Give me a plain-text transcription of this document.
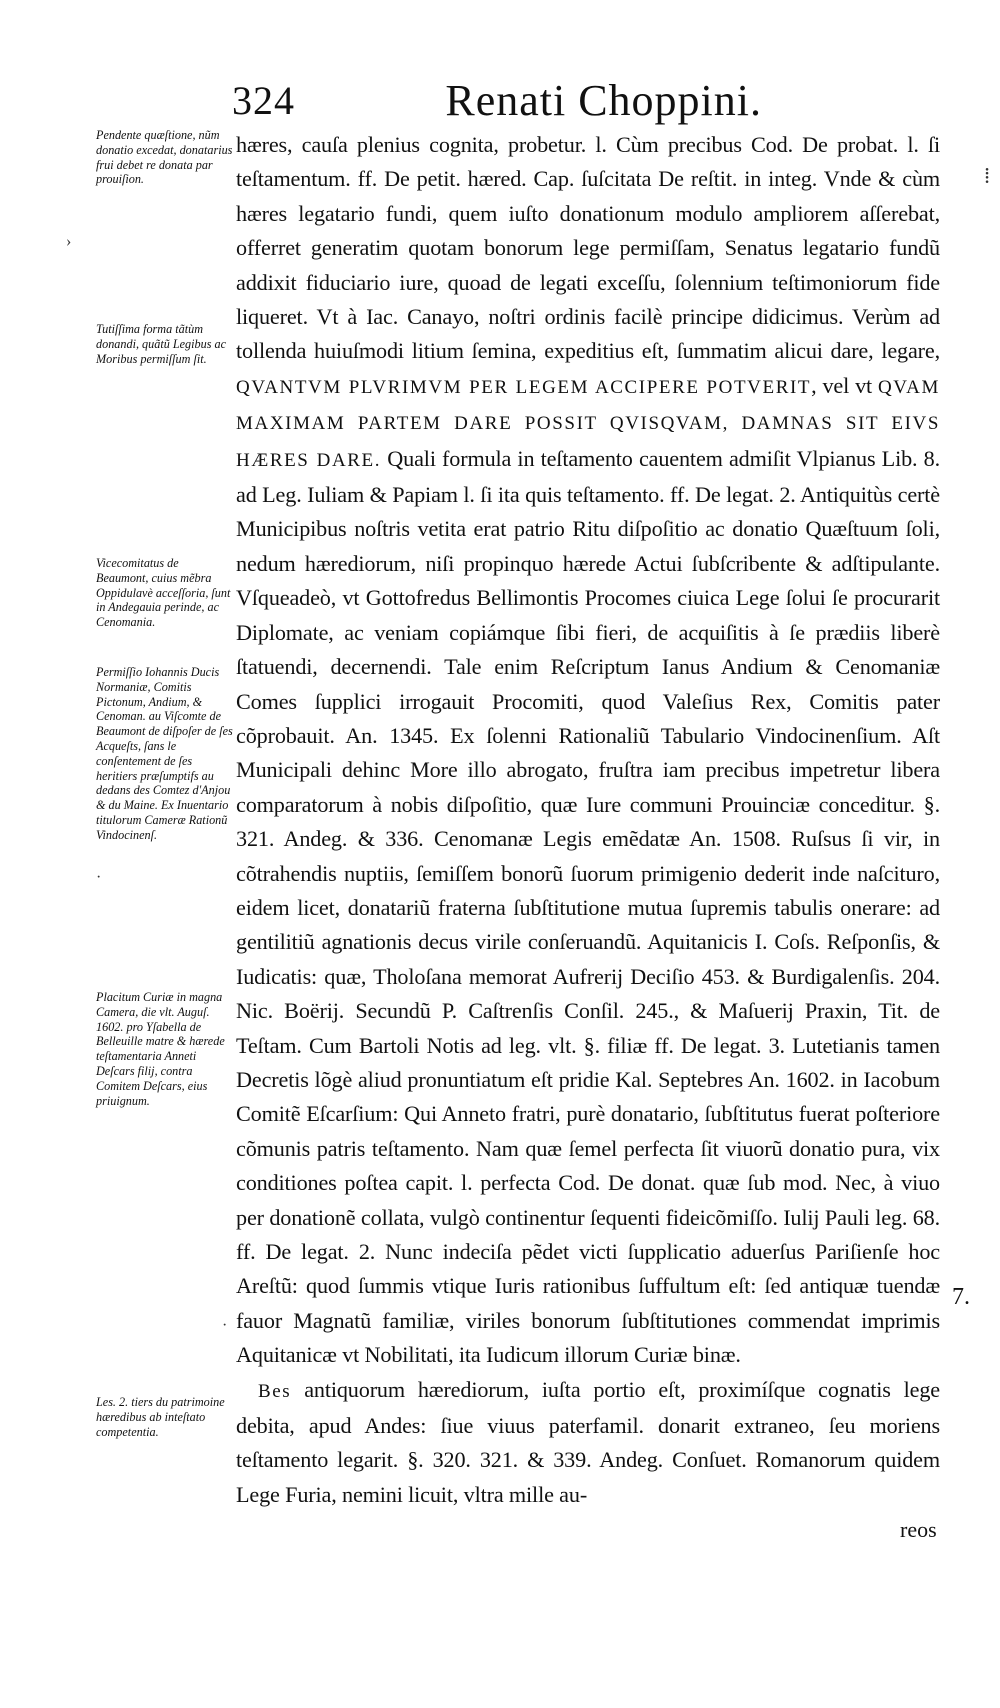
324	Renati Choppini.
Pendente quæſtione, nũm donatio excedat, donatarius frui debet re donata par prouiſion.
Tutiſſima forma tãtùm donandi, quãtũ Legibus ac Moribus permiſſum ſit.
Vicecomitatus de Beaumont, cuius mẽbra Oppidulavè acceſſoria, ſunt in Andegauia perinde, ac Cenomania.
Permiſſio Iohannis Ducis Normaniæ, Comitis Pictonum, Andium, & Cenoman. au Viſcomte de Beaumont de diſpoſer de ſes Acqueſts, ſans le conſentement de ſes heritiers præſumptifs au dedans des Comtez d'Anjou & du Maine. Ex Inuentario titulorum Cameræ Rationũ Vindocinenſ.
Placitum Curiæ in magna Camera, die vlt. Auguſ. 1602. pro Yſabella de Belleuille matre & hærede teſtamentaria Anneti Deſcars filij, contra Comitem Deſcars, eius priuignum.
Les. 2. tiers du patrimoine hæredibus ab inteſtato competentia.

hæres, cauſa plenius cognita, probetur. l. Cùm precibus Cod. De probat. l. ſi teſtamentum. ff. De petit. hæred. Cap. ſuſcitata De reſtit. in integ. Vnde & cùm hæres legatario fundi, quem iuſto donationum modulo ampliorem aſſerebat, offerret generatim quotam bonorum lege permiſſam, Senatus legatario fundũ addixit fiduciario iure, quoad de legati exceſſu, ſolennium teſtimoniorum fide liqueret. Vt à Iac. Canayo, noſtri ordinis facilè principe didicimus. Verùm ad tollenda huiuſmodi litium ſemina, expeditius eſt, ſummatim alicui dare, legare, QVANTVM PLVRIMVM PER LEGEM ACCIPERE POTVERIT, vel vt QVAM MAXIMAM PARTEM DARE POSSIT QVISQVAM, DAMNAS SIT EIVS HÆRES DARE. Quali formula in teſtamento cauentem admiſit Vlpianus Lib. 8. ad Leg. Iuliam & Papiam l. ſi ita quis teſtamento. ff. De legat. 2. Antiquitùs certè Municipibus noſtris vetita erat patrio Ritu diſpoſitio ac donatio Quæſtuum ſoli, nedum hærediorum, niſi propinquo hærede Actui ſubſcribente & adſtipulante. Vſqueadeò, vt Gottofredus Bellimontis Procomes ciuica Lege ſolui ſe procurarit Diplomate, ac veniam copiámque ſibi fieri, de acquiſitis à ſe prædiis liberè ſtatuendi, decernendi. Tale enim Reſcriptum Ianus Andium & Cenomaniæ Comes ſupplici irrogauit Procomiti, quod Valeſius Rex, Comitis pater cõprobauit. An. 1345. Ex ſolenni Rationaliũ Tabulario Vindocinenſium. Aſt Municipali dehinc More illo abrogato, fruſtra iam precibus impetretur libera comparatorum à nobis diſpoſitio, quæ Iure communi Prouinciæ conceditur. §. 321. Andeg. & 336. Cenomanæ Legis emẽdatæ An. 1508. Ruſsus ſi vir, in cõtrahendis nuptiis, ſemiſſem bonorũ ſuorum primigenio dederit inde naſcituro, eidem licet, donatariũ fraterna ſubſtitutione mutua ſupremis tabulis onerare: ad gentilitiũ agnationis decus virile conſeruandũ. Aquitanicis I. Coſs. Reſponſis, & Iudicatis: quæ, Tholoſana memorat Aufrerij Deciſio 453. & Burdigalenſis. 204. Nic. Boërij. Secundũ P. Caſtrenſis Conſil. 245., & Maſuerij Praxin, Tit. de Teſtam. Cum Bartoli Notis ad leg. vlt. §. filiæ ff. De legat. 3. Lutetianis tamen Decretis lõgè aliud pronuntiatum eſt pridie Kal. Septebres An. 1602. in Iacobum Comitẽ Eſcarſium: Qui Anneto fratri, purè donatario, ſubſtitutus fuerat poſteriore cõmunis patris teſtamento. Nam quæ ſemel perfecta ſit viuorũ donatio pura, vix conditiones poſtea capit. l. perfecta Cod. De donat. quæ ſub mod. Nec, à viuo per donationẽ collata, vulgò continentur ſequenti fideicõmiſſo. Iulij Pauli leg. 68. ff. De legat. 2. Nunc indeciſa pẽdet victi ſupplicatio aduerſus Pariſienſe hoc Areſtũ: quod ſummis vtique Iuris rationibus ſuffultum eſt: ſed antiquæ tuendæ fauor Magnatũ familiæ, viriles bonorum ſubſtitutiones commendat imprimis Aquitanicæ vt Nobilitati, ita Iudicum illorum Curiæ binæ.

Bes antiquorum hærediorum, iuſta portio eſt, proximíſque cognatis lege debita, apud Andes: ſiue viuus paterfamil. donarit extraneo, ſeu moriens teſtamento legarit. §. 320. 321. & 339. Andeg. Conſuet. Romanorum quidem Lege Furia, nemini licuit, vltra mille au-

7.
reos
›
·
·
⁞
